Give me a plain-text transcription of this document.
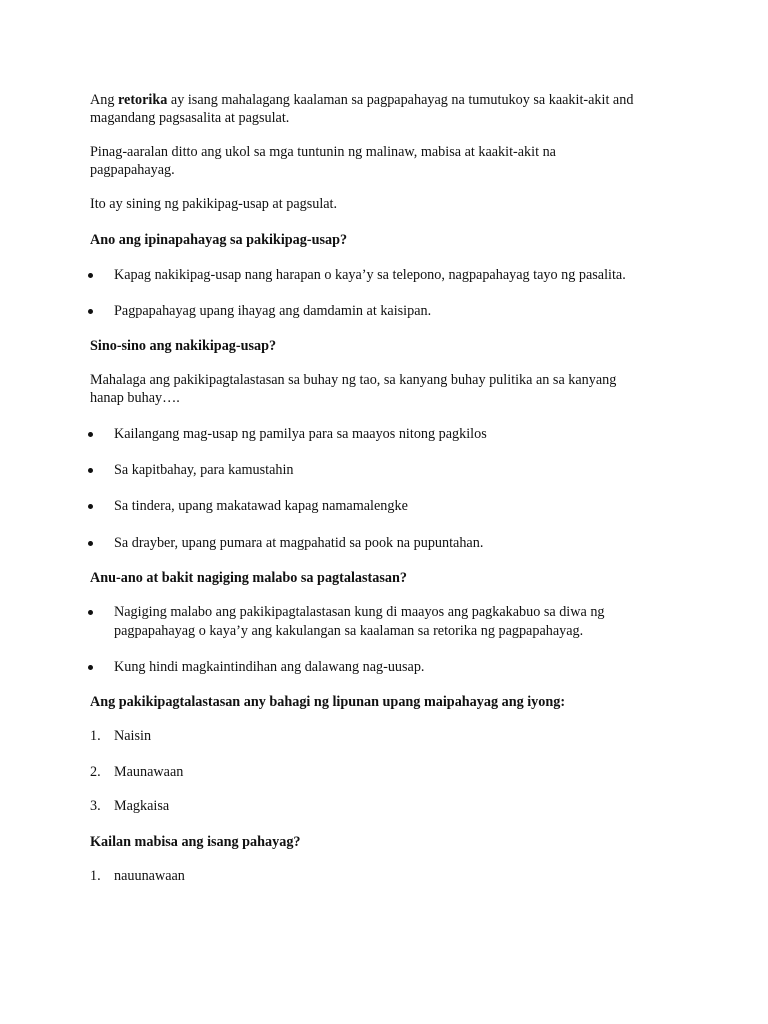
Ang retorika ay isang mahalagang kaalaman sa pagpapahayag na tumutukoy sa kaakit-akit and

magandang pagsasalita at pagsulat.

Pinag-aaralan ditto ang ukol sa mga tuntunin ng malinaw, mabisa at kaakit-akit na

pagpapahayag.

Ito ay sining ng pakikipag-usap at pagsulat.

Ano ang ipinapahayag sa pakikipag-usap?

Kapag nakikipag-usap nang harapan o kaya’y sa telepono, nagpapahayag tayo ng pasalita.

Pagpapahayag upang ihayag ang damdamin at kaisipan.

Sino-sino ang nakikipag-usap?

Mahalaga ang pakikipagtalastasan sa buhay ng tao, sa kanyang buhay pulitika an sa kanyang

hanap buhay….

Kailangang mag-usap ng pamilya para sa maayos nitong pagkilos

Sa kapitbahay, para kamustahin

Sa tindera, upang makatawad kapag namamalengke

Sa drayber, upang pumara at magpahatid sa pook na pupuntahan.

Anu-ano at bakit nagiging malabo sa pagtalastasan?

Nagiging malabo ang pakikipagtalastasan kung di maayos ang pagkakabuo sa diwa ng

pagpapahayag o kaya’y ang kakulangan sa kaalaman sa retorika ng pagpapahayag.

Kung hindi magkaintindihan ang dalawang nag-uusap.

Ang pakikipagtalastasan any bahagi ng lipunan upang maipahayag ang iyong:

1. Naisin

2. Maunawaan

3. Magkaisa

Kailan mabisa ang isang pahayag?

1. nauunawaan
